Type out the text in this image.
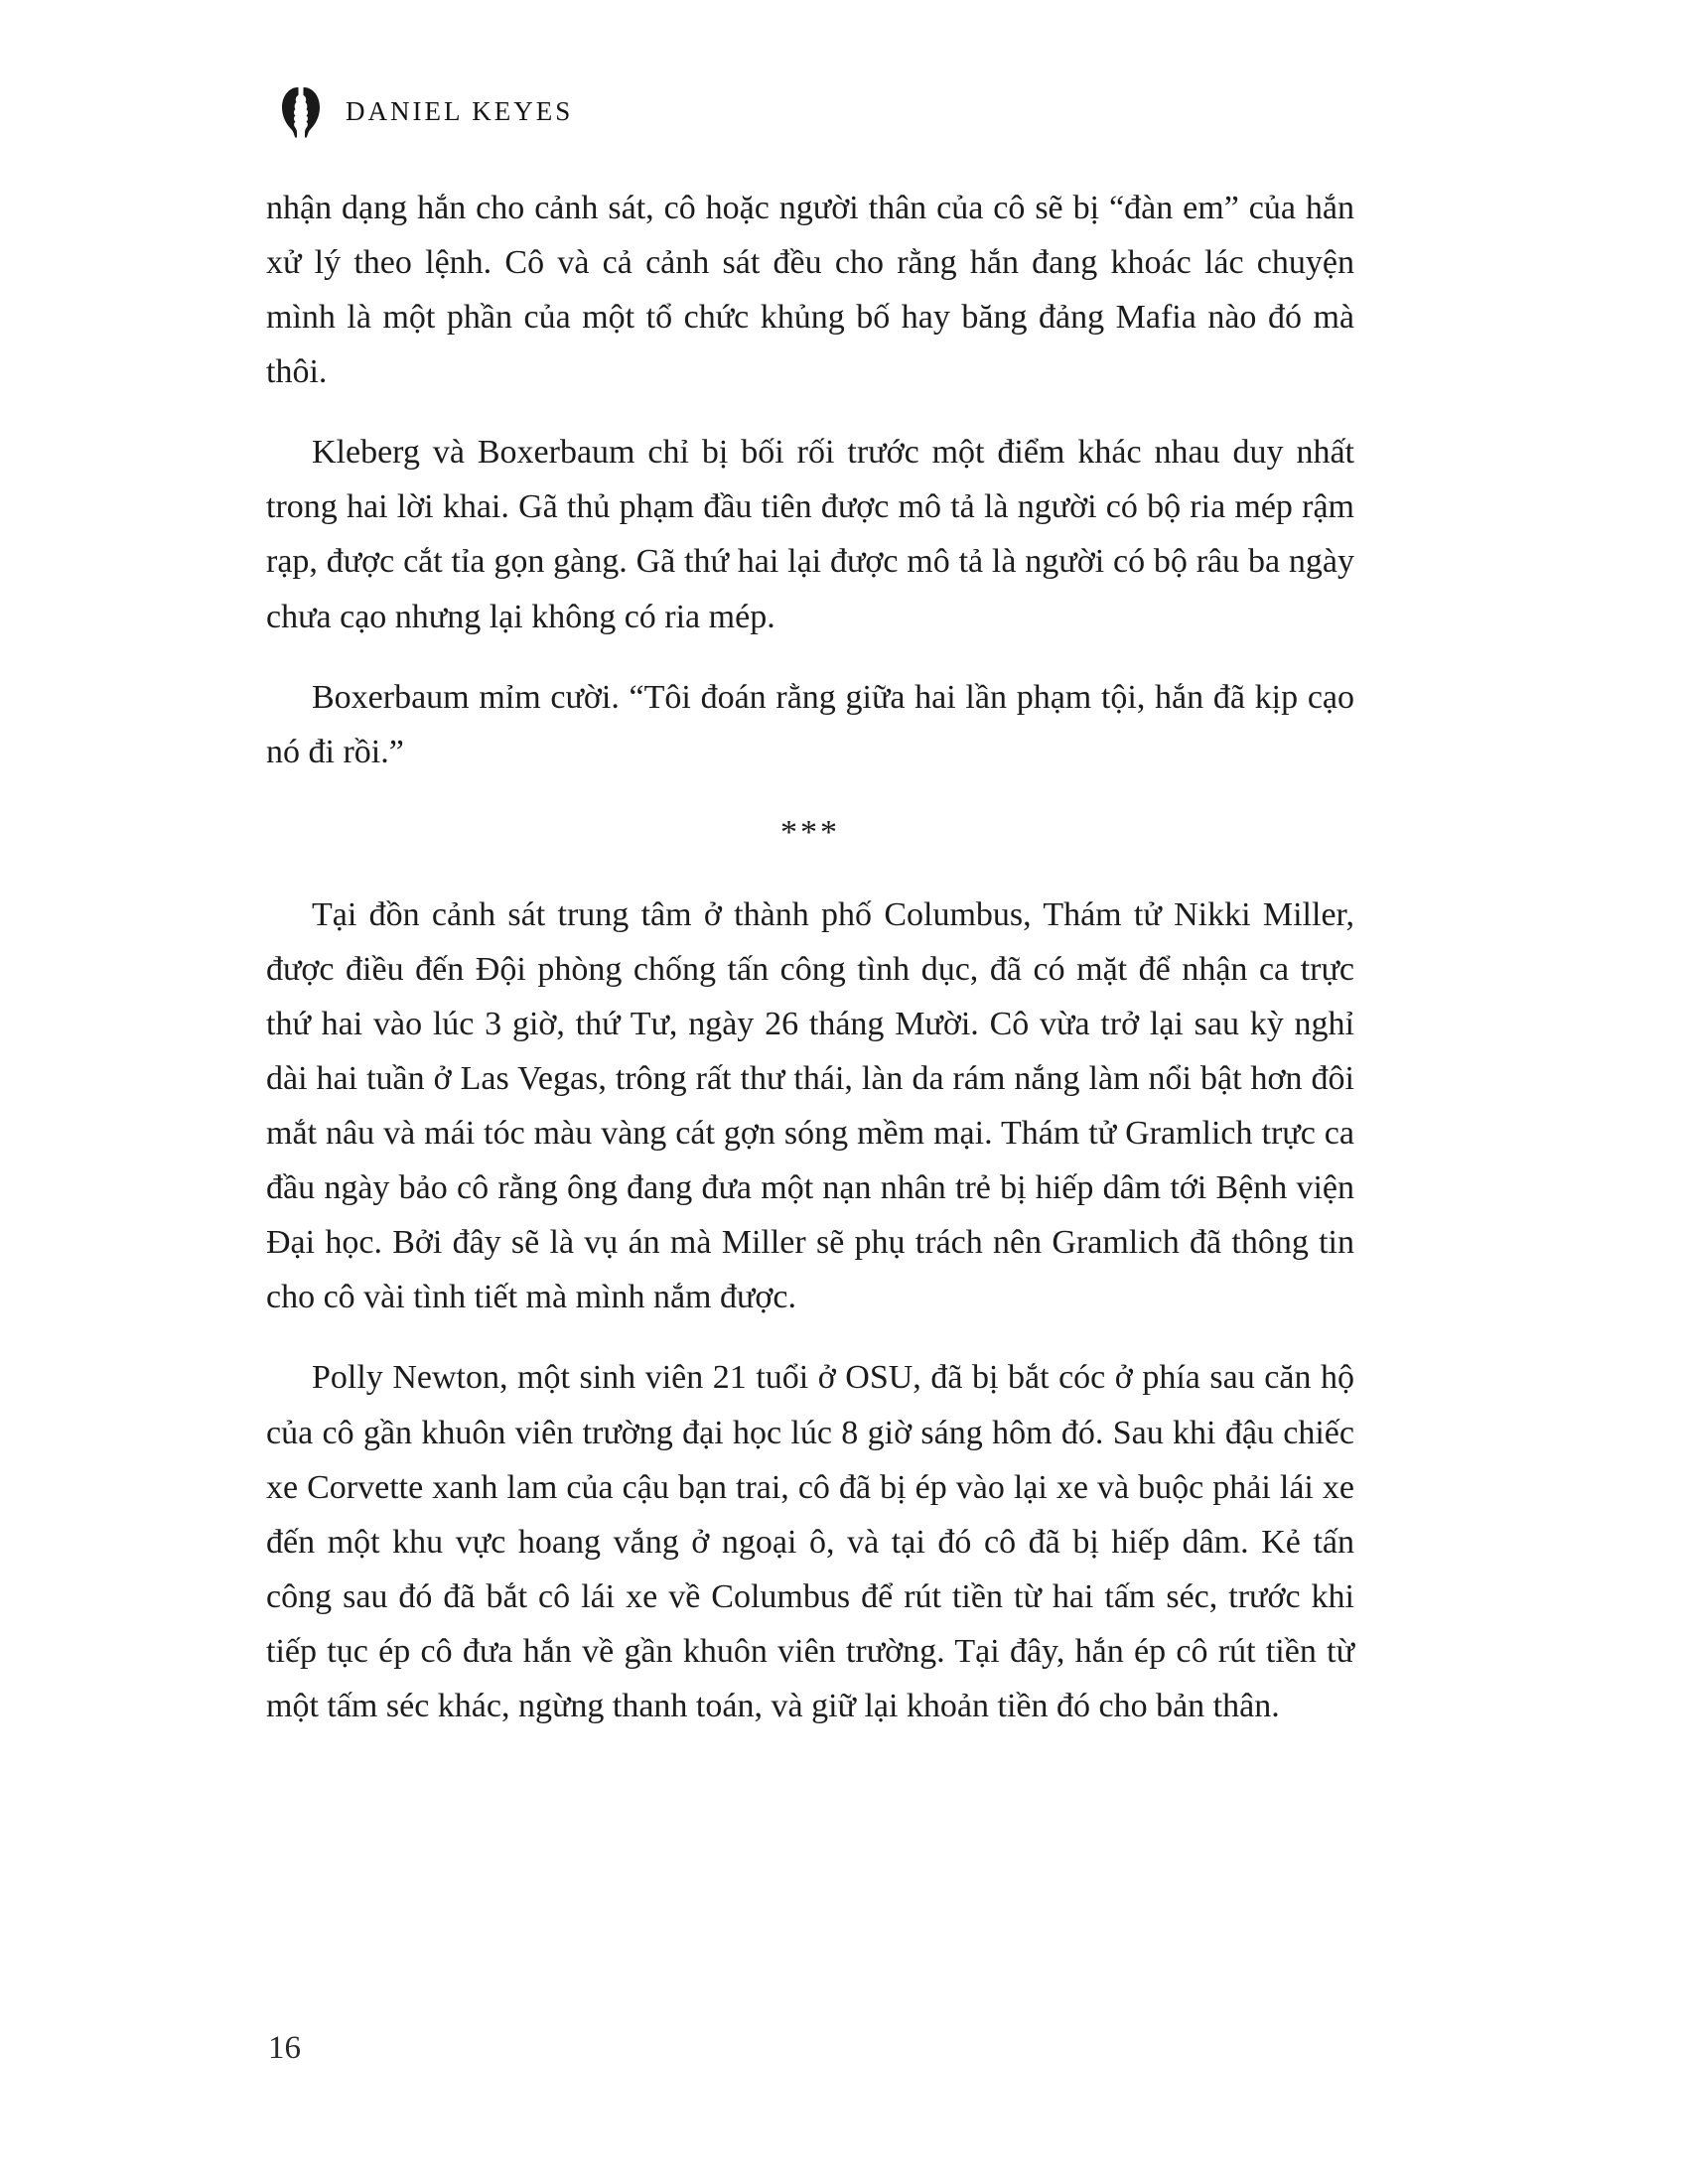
DANIEL KEYES

nhận dạng hắn cho cảnh sát, cô hoặc người thân của cô sẽ bị “đàn em” của hắn xử lý theo lệnh. Cô và cả cảnh sát đều cho rằng hắn đang khoác lác chuyện mình là một phần của một tổ chức khủng bố hay băng đảng Mafia nào đó mà thôi.

Kleberg và Boxerbaum chỉ bị bối rối trước một điểm khác nhau duy nhất trong hai lời khai. Gã thủ phạm đầu tiên được mô tả là người có bộ ria mép rậm rạp, được cắt tỉa gọn gàng. Gã thứ hai lại được mô tả là người có bộ râu ba ngày chưa cạo nhưng lại không có ria mép.

Boxerbaum mỉm cười. “Tôi đoán rằng giữa hai lần phạm tội, hắn đã kịp cạo nó đi rồi.”

***

Tại đồn cảnh sát trung tâm ở thành phố Columbus, Thám tử Nikki Miller, được điều đến Đội phòng chống tấn công tình dục, đã có mặt để nhận ca trực thứ hai vào lúc 3 giờ, thứ Tư, ngày 26 tháng Mười. Cô vừa trở lại sau kỳ nghỉ dài hai tuần ở Las Vegas, trông rất thư thái, làn da rám nắng làm nổi bật hơn đôi mắt nâu và mái tóc màu vàng cát gợn sóng mềm mại. Thám tử Gramlich trực ca đầu ngày bảo cô rằng ông đang đưa một nạn nhân trẻ bị hiếp dâm tới Bệnh viện Đại học. Bởi đây sẽ là vụ án mà Miller sẽ phụ trách nên Gramlich đã thông tin cho cô vài tình tiết mà mình nắm được.

Polly Newton, một sinh viên 21 tuổi ở OSU, đã bị bắt cóc ở phía sau căn hộ của cô gần khuôn viên trường đại học lúc 8 giờ sáng hôm đó. Sau khi đậu chiếc xe Corvette xanh lam của cậu bạn trai, cô đã bị ép vào lại xe và buộc phải lái xe đến một khu vực hoang vắng ở ngoại ô, và tại đó cô đã bị hiếp dâm. Kẻ tấn công sau đó đã bắt cô lái xe về Columbus để rút tiền từ hai tấm séc, trước khi tiếp tục ép cô đưa hắn về gần khuôn viên trường. Tại đây, hắn ép cô rút tiền từ một tấm séc khác, ngừng thanh toán, và giữ lại khoản tiền đó cho bản thân.

16
